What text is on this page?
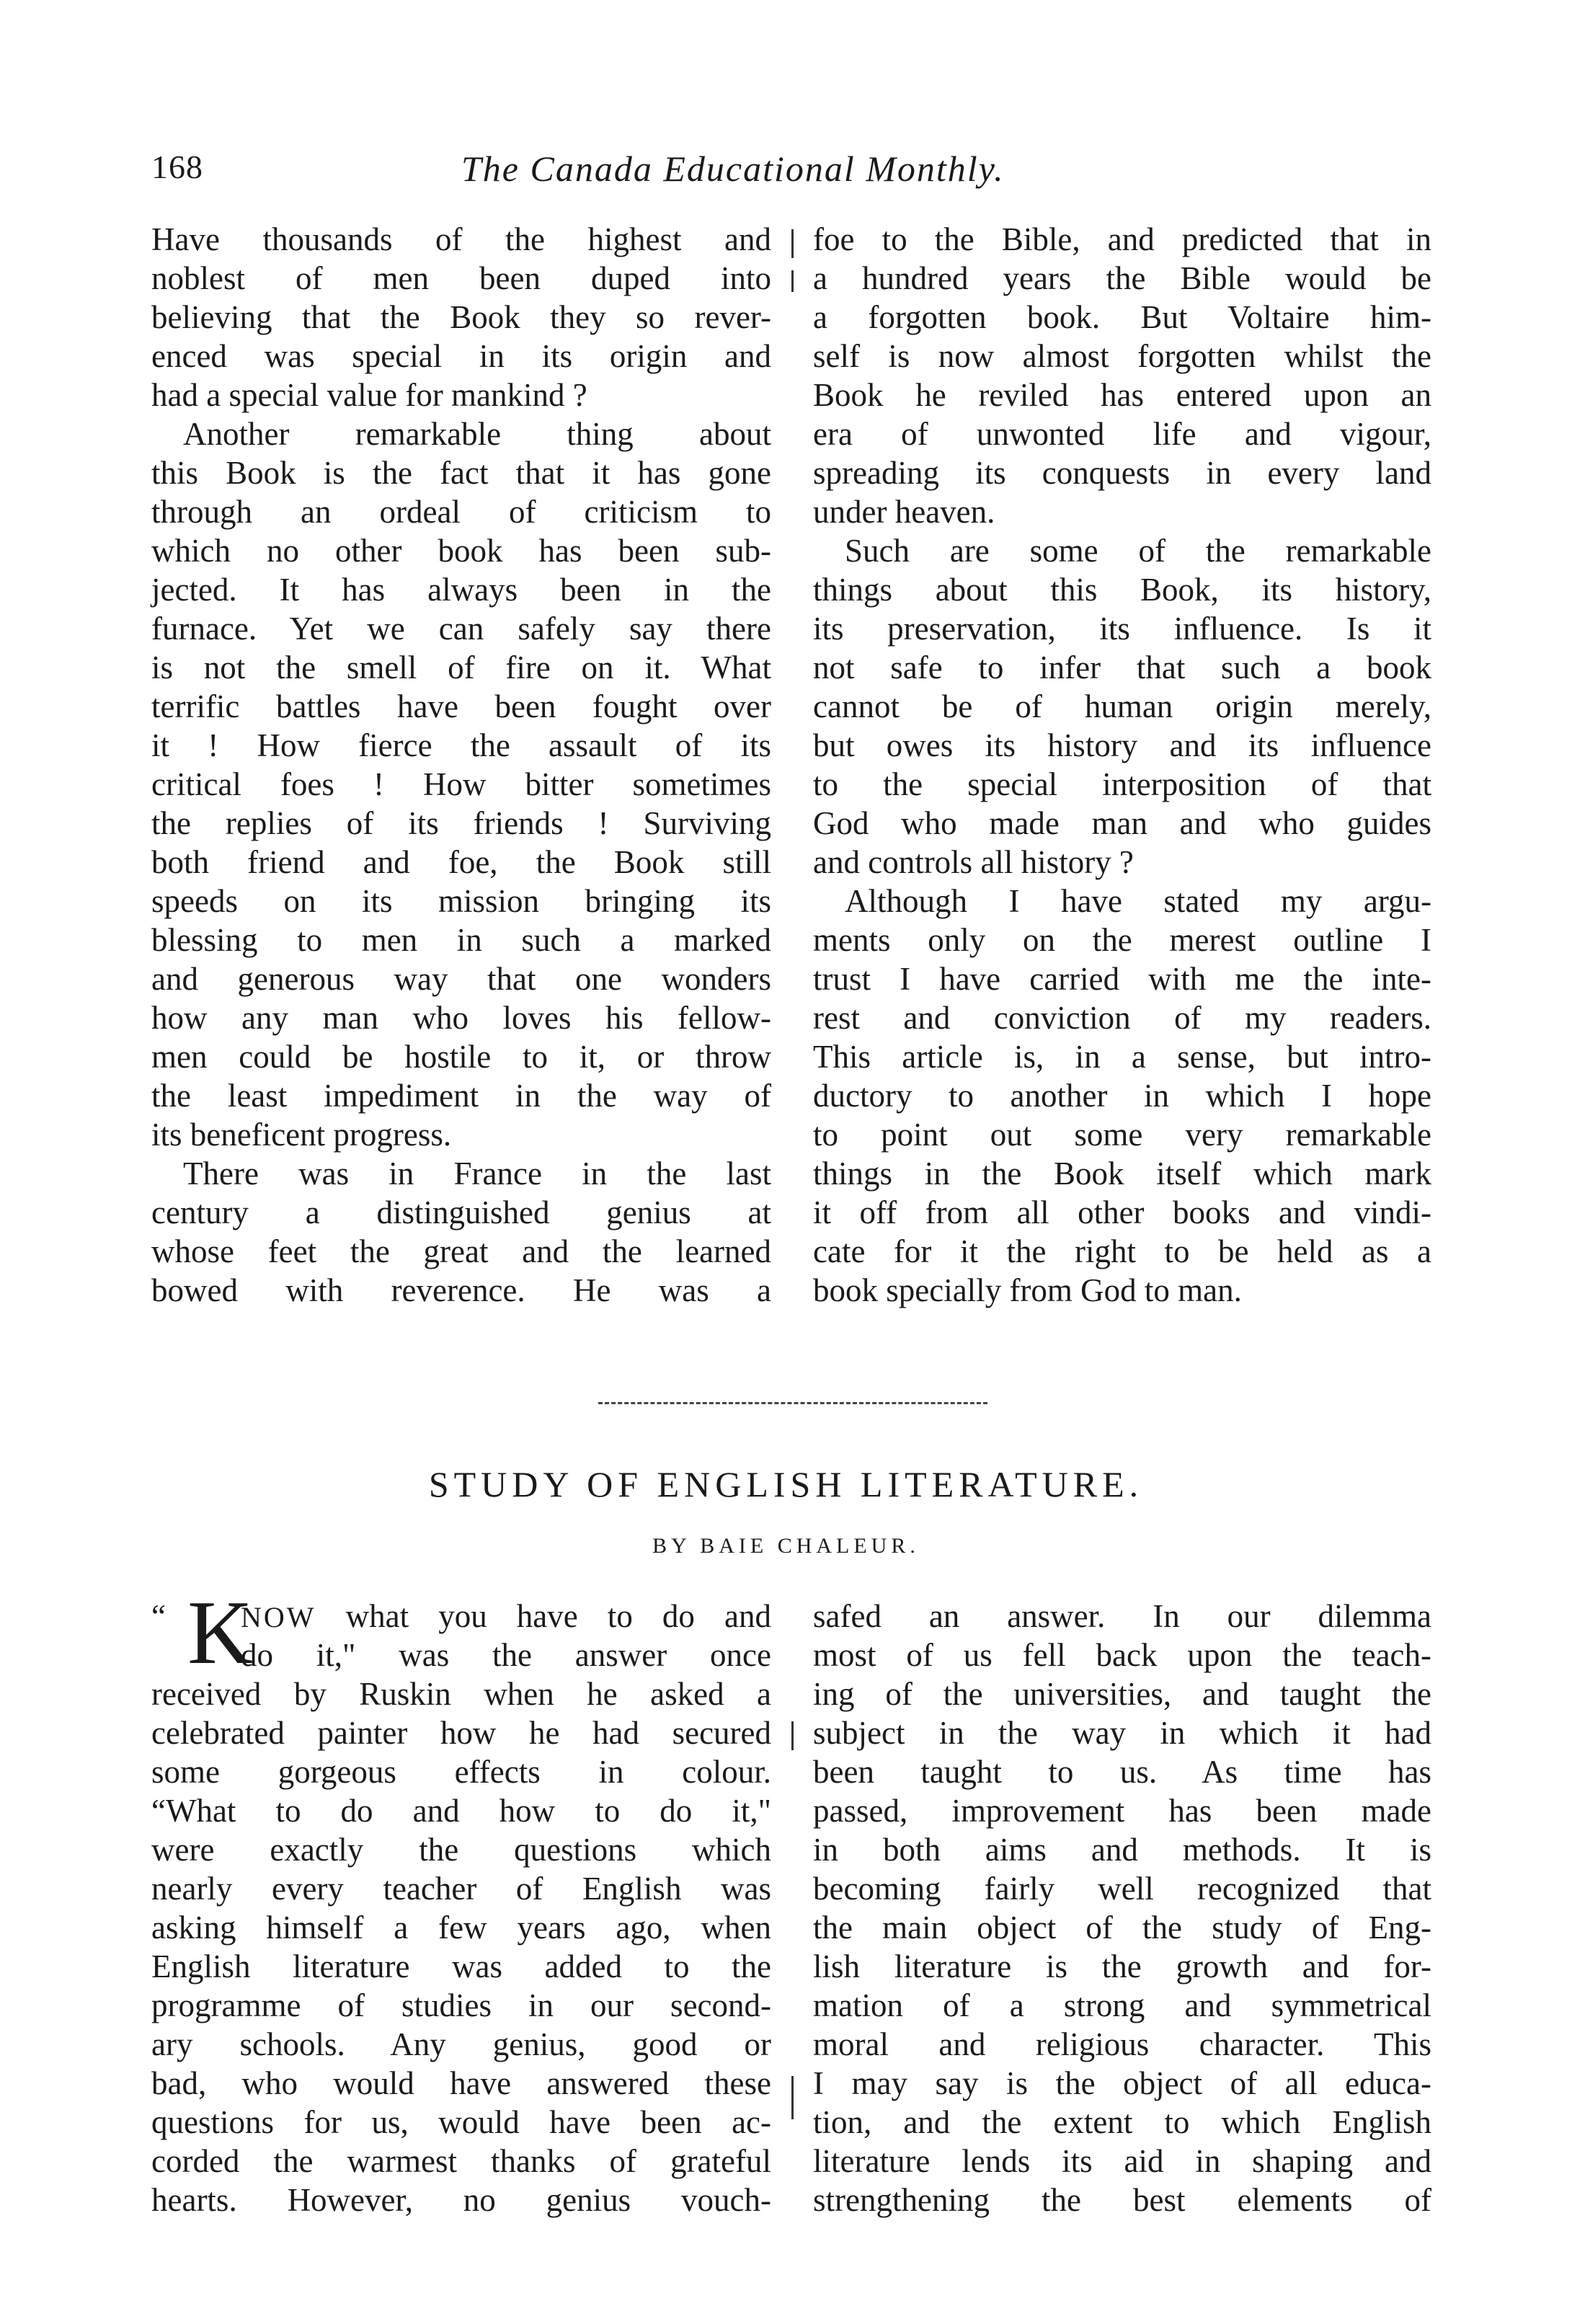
168	The Canada Educational Monthly.
Have thousands of the highest and
noblest of men been duped into
believing that the Book they so rever-
enced was special in its origin and
had a special value for mankind ?
Another remarkable thing about
this Book is the fact that it has gone
through an ordeal of criticism to
which no other book has been sub-
jected. It has always been in the
furnace. Yet we can safely say there
is not the smell of fire on it. What
terrific battles have been fought over
it ! How fierce the assault of its
critical foes ! How bitter sometimes
the replies of its friends ! Surviving
both friend and foe, the Book still
speeds on its mission bringing its
blessing to men in such a marked
and generous way that one wonders
how any man who loves his fellow-
men could be hostile to it, or throw
the least impediment in the way of
its beneficent progress.
There was in France in the last
century a distinguished genius at
whose feet the great and the learned
bowed with reverence. He was a
foe to the Bible, and predicted that in
a hundred years the Bible would be
a forgotten book. But Voltaire him-
self is now almost forgotten whilst the
Book he reviled has entered upon an
era of unwonted life and vigour,
spreading its conquests in every land
under heaven.
Such are some of the remarkable
things about this Book, its history,
its preservation, its influence. Is it
not safe to infer that such a book
cannot be of human origin merely,
but owes its history and its influence
to the special interposition of that
God who made man and who guides
and controls all history ?
Although I have stated my argu-
ments only on the merest outline I
trust I have carried with me the inte-
rest and conviction of my readers.
This article is, in a sense, but intro-
ductory to another in which I hope
to point out some very remarkable
things in the Book itself which mark
it off from all other books and vindi-
cate for it the right to be held as a
book specially from God to man.
STUDY OF ENGLISH LITERATURE.
BY BAIE CHALEUR.
“ K
NOW what you have to do and
do it," was the answer once
received by Ruskin when he asked a
celebrated painter how he had secured
some gorgeous effects in colour.
“What to do and how to do it,"
were exactly the questions which
nearly every teacher of English was
asking himself a few years ago, when
English literature was added to the
programme of studies in our second-
ary schools. Any genius, good or
bad, who would have answered these
questions for us, would have been ac-
corded the warmest thanks of grateful
hearts. However, no genius vouch-
safed an answer. In our dilemma
most of us fell back upon the teach-
ing of the universities, and taught the
subject in the way in which it had
been taught to us. As time has
passed, improvement has been made
in both aims and methods. It is
becoming fairly well recognized that
the main object of the study of Eng-
lish literature is the growth and for-
mation of a strong and symmetrical
moral and religious character. This
I may say is the object of all educa-
tion, and the extent to which English
literature lends its aid in shaping and
strengthening the best elements of
